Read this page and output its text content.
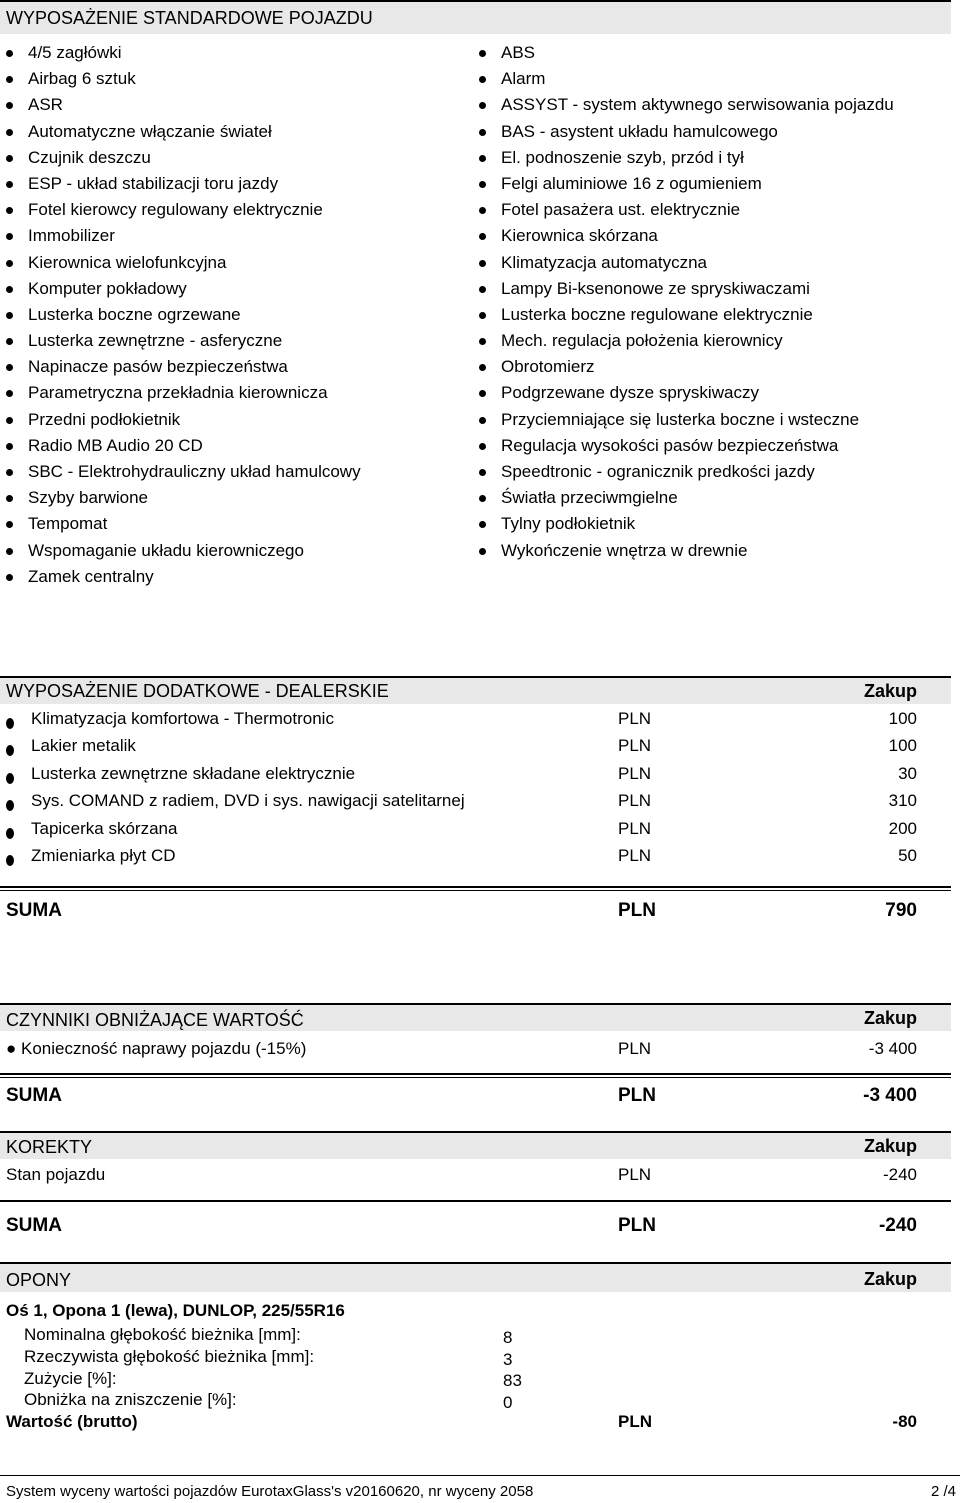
WYPOSAŻENIE STANDARDOWE POJAZDU
4/5 zagłówki
Airbag 6 sztuk
ASR
Automatyczne włączanie świateł
Czujnik deszczu
ESP - układ stabilizacji toru jazdy
Fotel kierowcy regulowany elektrycznie
Immobilizer
Kierownica wielofunkcyjna
Komputer pokładowy
Lusterka boczne ogrzewane
Lusterka zewnętrzne - asferyczne
Napinacze pasów bezpieczeństwa
Parametryczna przekładnia kierownicza
Przedni podłokietnik
Radio MB Audio 20 CD
SBC - Elektrohydrauliczny układ hamulcowy
Szyby barwione
Tempomat
Wspomaganie układu kierowniczego
Zamek centralny
ABS
Alarm
ASSYST - system aktywnego serwisowania pojazdu
BAS - asystent układu hamulcowego
El. podnoszenie szyb, przód i tył
Felgi aluminiowe 16 z ogumieniem
Fotel pasażera ust. elektrycznie
Kierownica skórzana
Klimatyzacja automatyczna
Lampy Bi-ksenonowe ze spryskiwaczami
Lusterka boczne regulowane elektrycznie
Mech. regulacja położenia kierownicy
Obrotomierz
Podgrzewane dysze spryskiwaczy
Przyciemniające się lusterka boczne i wsteczne
Regulacja wysokości pasów bezpieczeństwa
Speedtronic - ogranicznik predkości jazdy
Światła przeciwmgielne
Tylny podłokietnik
Wykończenie wnętrza w drewnie
WYPOSAŻENIE DODATKOWE - DEALERSKIE	Zakup
Klimatyzacja komfortowa - Thermotronic	PLN	100
Lakier metalik	PLN	100
Lusterka zewnętrzne składane elektrycznie	PLN	30
Sys. COMAND z radiem, DVD i sys. nawigacji satelitarnej	PLN	310
Tapicerka skórzana	PLN	200
Zmieniarka płyt CD	PLN	50
SUMA	PLN	790
CZYNNIKI OBNIŻAJĄCE WARTOŚĆ	Zakup
● Konieczność naprawy pojazdu (-15%)	PLN	-3 400
SUMA	PLN	-3 400
KOREKTY	Zakup
Stan pojazdu	PLN	-240
SUMA	PLN	-240
OPONY	Zakup
Oś 1, Opona 1 (lewa), DUNLOP, 225/55R16
Nominalna głębokość bieżnika [mm]:	8
Rzeczywista głębokość bieżnika [mm]:	3
Zużycie [%]:	83
Obniżka na zniszczenie [%]:	0
Wartość (brutto)	PLN	-80
System wyceny wartości pojazdów EurotaxGlass's v20160620, nr wyceny 2058	2 /4
